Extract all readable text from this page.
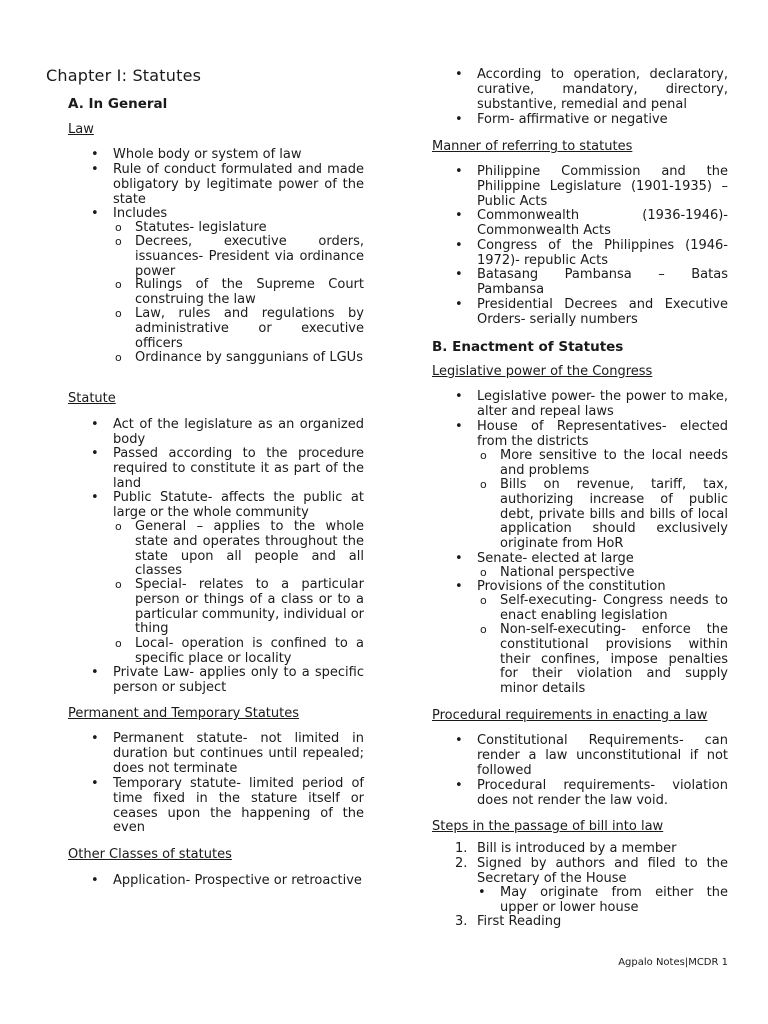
Chapter I: Statutes
A. In General
Law
• Whole body or system of law
• Rule of conduct formulated and made obligatory by legitimate power of the state
• Includes
o Statutes- legislature
o Decrees, executive orders, issuances- President via ordinance power
o Rulings of the Supreme Court construing the law
o Law, rules and regulations by administrative or executive officers
o Ordinance by sanggunians of LGUs
Statute
• Act of the legislature as an organized body
• Passed according to the procedure required to constitute it as part of the land
• Public Statute- affects the public at large or the whole community
o General – applies to the whole state and operates throughout the state upon all people and all classes
o Special- relates to a particular person or things of a class or to a particular community, individual or thing
o Local- operation is confined to a specific place or locality
• Private Law- applies only to a specific person or subject
Permanent and Temporary Statutes
• Permanent statute- not limited in duration but continues until repealed; does not terminate
• Temporary statute- limited period of time fixed in the stature itself or ceases upon the happening of the even
Other Classes of statutes
• Application- Prospective or retroactive
• According to operation, declaratory, curative, mandatory, directory, substantive, remedial and penal
• Form- affirmative or negative
Manner of referring to statutes
• Philippine Commission and the Philippine Legislature (1901-1935) – Public Acts
• Commonwealth (1936-1946)- Commonwealth Acts
• Congress of the Philippines (1946-1972)- republic Acts
• Batasang Pambansa – Batas Pambansa
• Presidential Decrees and Executive Orders- serially numbers
B. Enactment of Statutes
Legislative power of the Congress
• Legislative power- the power to make, alter and repeal laws
• House of Representatives- elected from the districts
o More sensitive to the local needs and problems
o Bills on revenue, tariff, tax, authorizing increase of public debt, private bills and bills of local application should exclusively originate from HoR
• Senate- elected at large
o National perspective
• Provisions of the constitution
o Self-executing- Congress needs to enact enabling legislation
o Non-self-executing- enforce the constitutional provisions within their confines, impose penalties for their violation and supply minor details
Procedural requirements in enacting a law
• Constitutional Requirements- can render a law unconstitutional if not followed
• Procedural requirements- violation does not render the law void.
Steps in the passage of bill into law
1. Bill is introduced by a member
2. Signed by authors and filed to the Secretary of the House
• May originate from either the upper or lower house
3. First Reading
Agpalo Notes|MCDR 1
